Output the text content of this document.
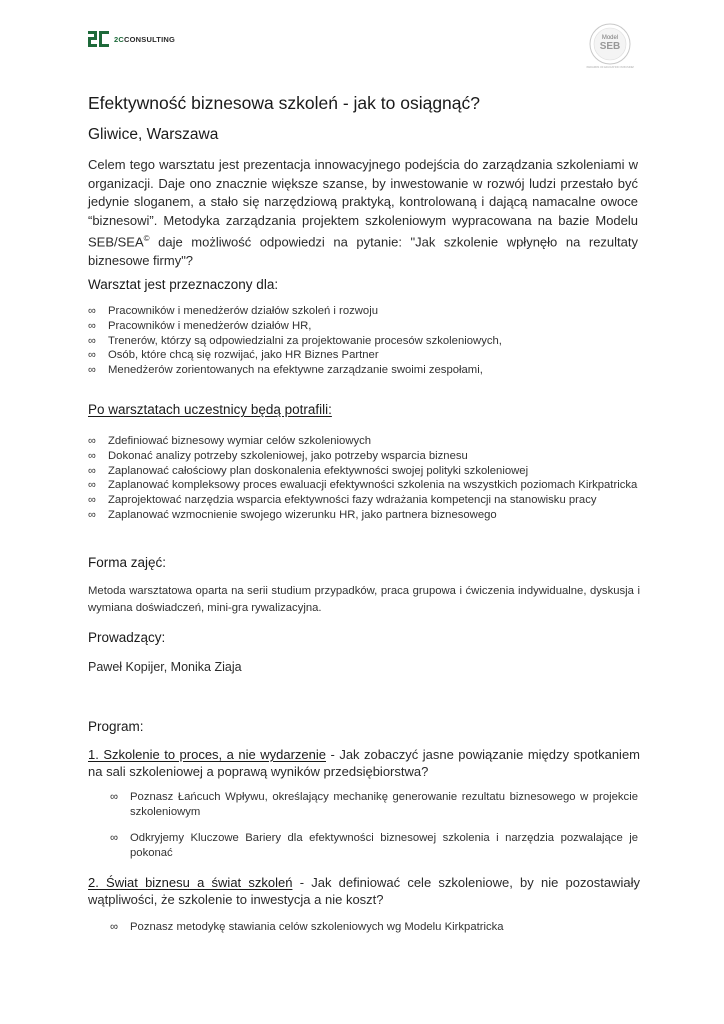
2CCONSULTING	Model
SEB
STANDARDS OF EDUCATION IN BUSINESS
Efektywność biznesowa szkoleń - jak to osiągnąć?
Gliwice, Warszawa
Celem tego warsztatu jest prezentacja innowacyjnego podejścia do zarządzania szkoleniami w organizacji. Daje ono znacznie większe szanse, by inwestowanie w rozwój ludzi przestało być jedynie sloganem, a stało się narzędziową praktyką, kontrolowaną i dającą namacalne owoce “biznesowi”. Metodyka zarządzania projektem szkoleniowym wypracowana na bazie Modelu SEB/SEA© daje możliwość odpowiedzi na pytanie: "Jak szkolenie wpłynęło na rezultaty biznesowe firmy"?
Warsztat jest przeznaczony dla:
∞ Pracowników i menedżerów działów szkoleń i rozwoju
∞ Pracowników i menedżerów działów HR,
∞ Trenerów, którzy są odpowiedzialni za projektowanie procesów szkoleniowych,
∞ Osób, które chcą się rozwijać, jako HR Biznes Partner
∞ Menedżerów zorientowanych na efektywne zarządzanie swoimi zespołami,
Po warsztatach uczestnicy będą potrafili:
∞ Zdefiniować biznesowy wymiar celów szkoleniowych
∞ Dokonać analizy potrzeby szkoleniowej, jako potrzeby wsparcia biznesu
∞ Zaplanować całościowy plan doskonalenia efektywności swojej polityki szkoleniowej
∞ Zaplanować kompleksowy proces ewaluacji efektywności szkolenia na wszystkich poziomach Kirkpatricka
∞ Zaprojektować narzędzia wsparcia efektywności fazy wdrażania kompetencji na stanowisku pracy
∞ Zaplanować wzmocnienie swojego wizerunku HR, jako partnera biznesowego
Forma zajęć:
Metoda warsztatowa oparta na serii studium przypadków, praca grupowa i ćwiczenia indywidualne, dyskusja i wymiana doświadczeń, mini-gra rywalizacyjna.
Prowadzący:
Paweł Kopijer, Monika Ziaja
Program:
1. Szkolenie to proces, a nie wydarzenie - Jak zobaczyć jasne powiązanie między spotkaniem na sali szkoleniowej a poprawą wyników przedsiębiorstwa?
∞ Poznasz Łańcuch Wpływu, określający mechanikę generowanie rezultatu biznesowego w projekcie szkoleniowym
∞ Odkryjemy Kluczowe Bariery dla efektywności biznesowej szkolenia i narzędzia pozwalające je pokonać
2. Świat biznesu a świat szkoleń - Jak definiować cele szkoleniowe, by nie pozostawiały wątpliwości, że szkolenie to inwestycja a nie koszt?
∞ Poznasz metodykę stawiania celów szkoleniowych wg Modelu Kirkpatricka
